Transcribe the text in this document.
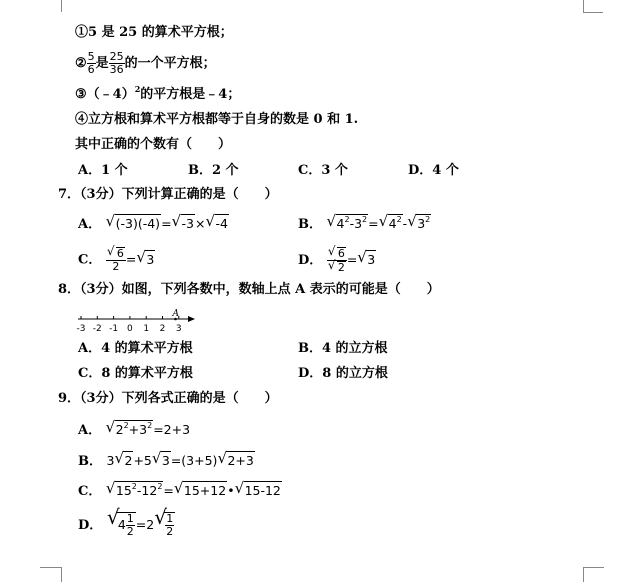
①5 是 25 的算术平方根；
② $\frac{5}{6}$ 是 $\frac{25}{36}$ 的一个平方根；
③（﹣4）$^2$的平方根是﹣4；
④立方根和算术平方根都等于自身的数是 0 和 1.
其中正确的个数有（　　）
A．1 个	B．2 个	C．3 个	D．4 个
7．（3分）下列计算正确的是（　　）
A． √ (-3)(-4)= √ -3× √ -4	B． √ $4^2-3^2=$ √ $4^2-$ √ $3^2$
C． $\frac{√ 6}{2}$ = √ 3	D． $\frac{√ 6}{√ 2}$ = √ 3
8．（3分）如图，下列各数中，数轴上点 A 表示的可能是（　　）
-3 -2 -1 0 1 2 3
A
A．4 的算术平方根	B．4 的立方根
C．8 的算术平方根	D．8 的立方根
9．（3分）下列各式正确的是（　　）
A． √ $2^2+3^2=2+3$
B． 3 √ 2+5 √ 3=(3+5) √ 2+3
C． √ $15^2-12^2=$ √ 15+12• √ 15-12
D． √
$4 \frac{1}{2} =2$ √
$\frac{1}{2}$
